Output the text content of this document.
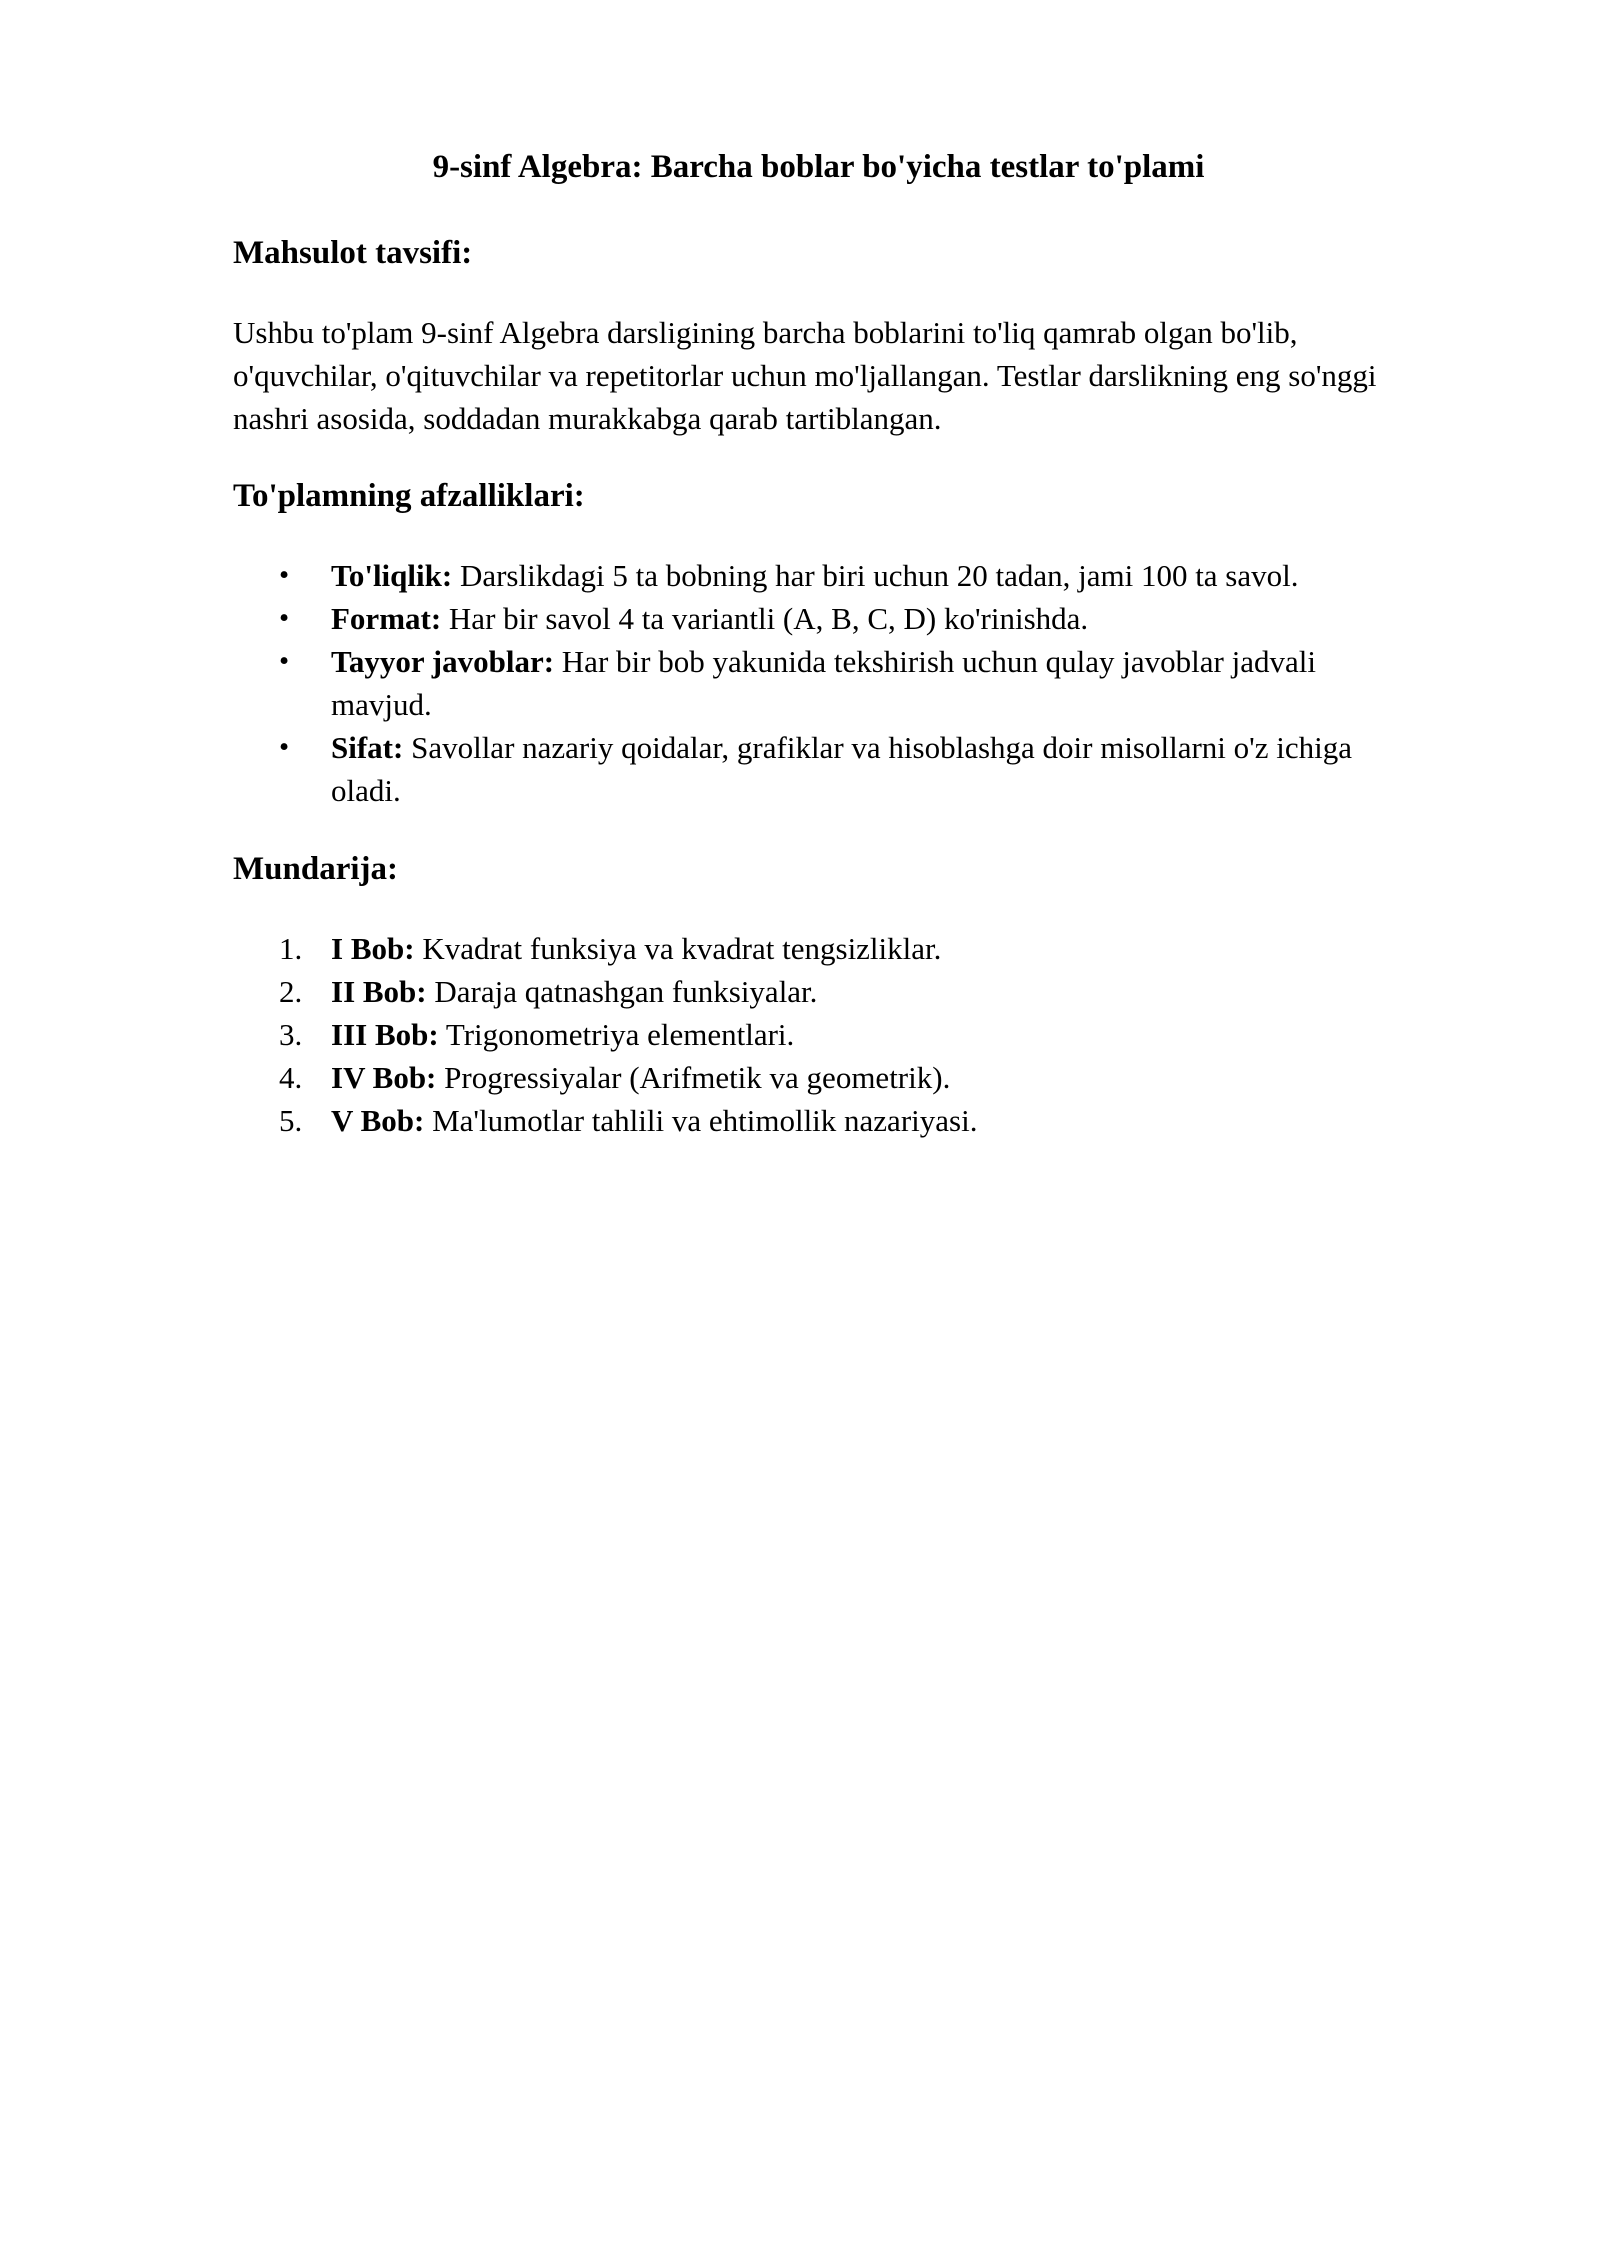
9-sinf Algebra: Barcha boblar bo'yicha testlar to'plami
Mahsulot tavsifi:

Ushbu to'plam 9-sinf Algebra darsligining barcha boblarini to'liq qamrab olgan bo'lib, o'quvchilar, o'qituvchilar va repetitorlar uchun mo'ljallangan. Testlar darslikning eng so'nggi nashri asosida, soddadan murakkabga qarab tartiblangan.

To'plamning afzalliklari:
•	To'liqlik: Darslikdagi 5 ta bobning har biri uchun 20 tadan, jami 100 ta savol.
•	Format: Har bir savol 4 ta variantli (A, B, C, D) ko'rinishda.
•	Tayyor javoblar: Har bir bob yakunida tekshirish uchun qulay javoblar jadvali mavjud.
•	Sifat: Savollar nazariy qoidalar, grafiklar va hisoblashga doir misollarni o'z ichiga oladi.
Mundarija:
1. I Bob: Kvadrat funksiya va kvadrat tengsizliklar.
2. II Bob: Daraja qatnashgan funksiyalar.
3. III Bob: Trigonometriya elementlari.
4. IV Bob: Progressiyalar (Arifmetik va geometrik).
5. V Bob: Ma'lumotlar tahlili va ehtimollik nazariyasi.
